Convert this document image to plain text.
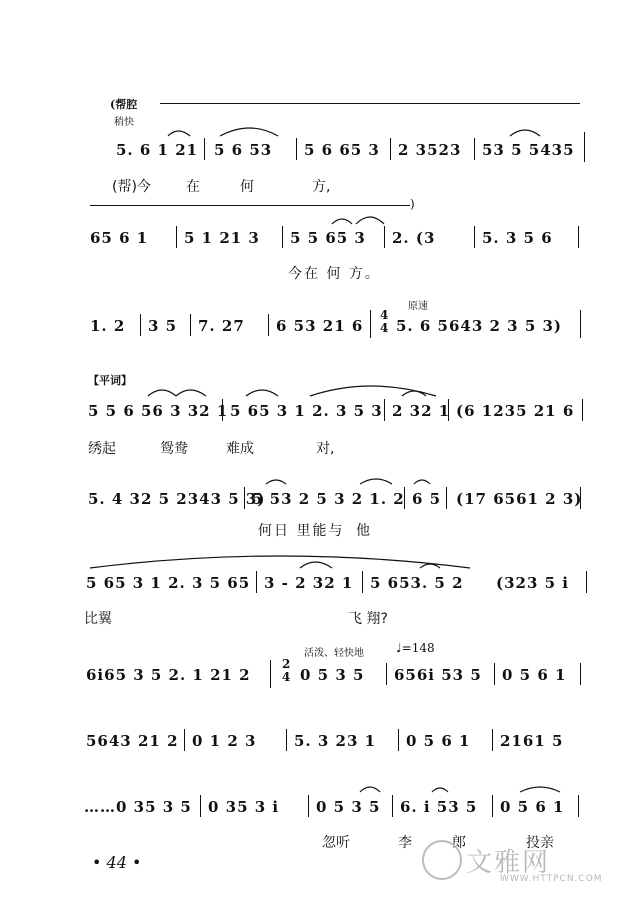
(帮腔
稍快
5. 6 1 21 5 6 53 5 6 65 3 2 3523 53 5 5435
(帮)今	在	何	方,
)
65 6 1 5 1 21 3 5 5 65 3 2. (3	5. 3 5 6
今在 何 方。
原速
1. 2 3 5 7. 27 6 53 21 6
4
4 5. 6 5643 2 3 5 3)
【平词】
5 5 6 56 3 32 1 5 65 3 1 2. 3 5 3 2 32 1 (6 1235 21 6
绣起	鸳鸯	难成	对,
5. 4 32 5 2343 5 3)
5 53 2 5 3 2 1. 2 6 5 (17 6561 2 3)
何日 里能与 他
5 65 3 1 2. 3 5 65 3 - 2 32 1 5 653. 5 2 (323 5 i
比翼	飞 翔?
活泼、轻快地	♩=148
6i65 3 5 2. 1 21 2
2
4 0 5 3 5 656i 53 5 0 5 6 1
5643 21 2 0 1 2 3	5. 3 23 1 0 5 6 1 2161 5
……0 35 3 5 0 35 3 i 0 5 3 5 6. i 53 5 0 5 6 1
忽听	李	郎	投亲
• 44 •	文雅网
WWW.HTTPCN.COM
